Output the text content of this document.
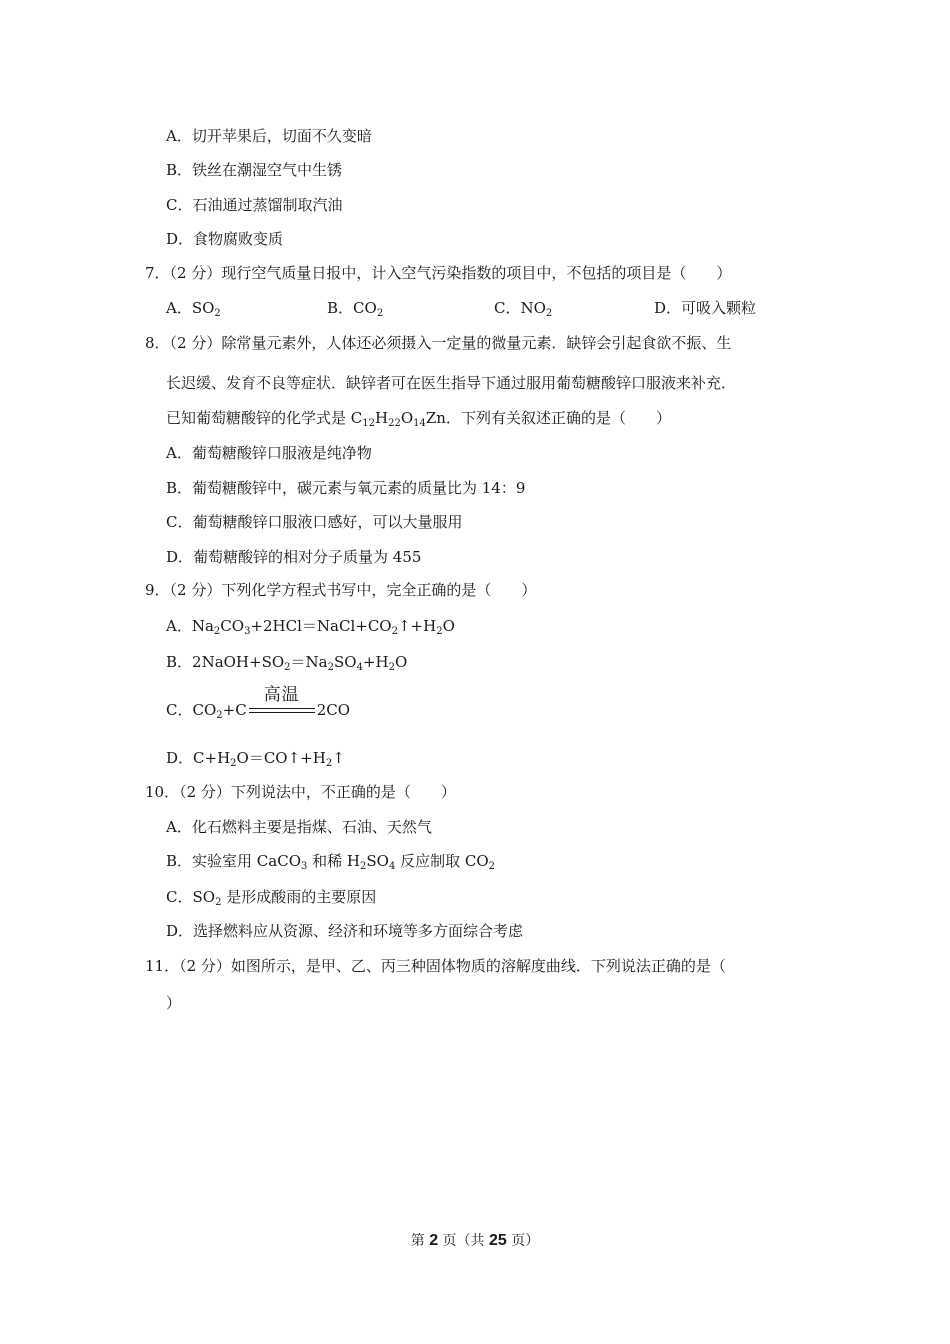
A．切开苹果后，切面不久变暗
B．铁丝在潮湿空气中生锈
C．石油通过蒸馏制取汽油
D．食物腐败变质
7．（2 分）现行空气质量日报中，计入空气污染指数的项目中，不包括的项目是（　　）
A．$SO_2$	B．$CO_2$	C．$NO_2$	D．可吸入颗粒
8．（2 分）除常量元素外，人体还必须摄入一定量的微量元素．缺锌会引起食欲不振、生
长迟缓、发育不良等症状．缺锌者可在医生指导下通过服用葡萄糖酸锌口服液来补充．
已知葡萄糖酸锌的化学式是 $C_{12}H_{22}O_{14}Zn$．下列有关叙述正确的是（　　）
A．葡萄糖酸锌口服液是纯净物
B．葡萄糖酸锌中，碳元素与氧元素的质量比为 14：9
C．葡萄糖酸锌口服液口感好，可以大量服用
D．葡萄糖酸锌的相对分子质量为 455
9．（2 分）下列化学方程式书写中，完全正确的是（　　）
A．$Na_2CO_3+2HCl=NaCl+CO_2↑+H_2O$
B．$2NaOH+SO_2=Na_2SO_4+H_2O$
C．$CO_2+C$
高温
2CO
D．$C+H_2O=CO↑+H_2↑$
10．（2 分）下列说法中，不正确的是（　　）
A．化石燃料主要是指煤、石油、天然气
B．实验室用 CaCO$_3$ 和稀 $H_2SO_4$ 反应制取 $CO_2$
C．$SO_2$ 是形成酸雨的主要原因
D．选择燃料应从资源、经济和环境等多方面综合考虑
11．（2 分）如图所示，是甲、乙、丙三种固体物质的溶解度曲线．下列说法正确的是（
）
第 2 页（共 25 页）
